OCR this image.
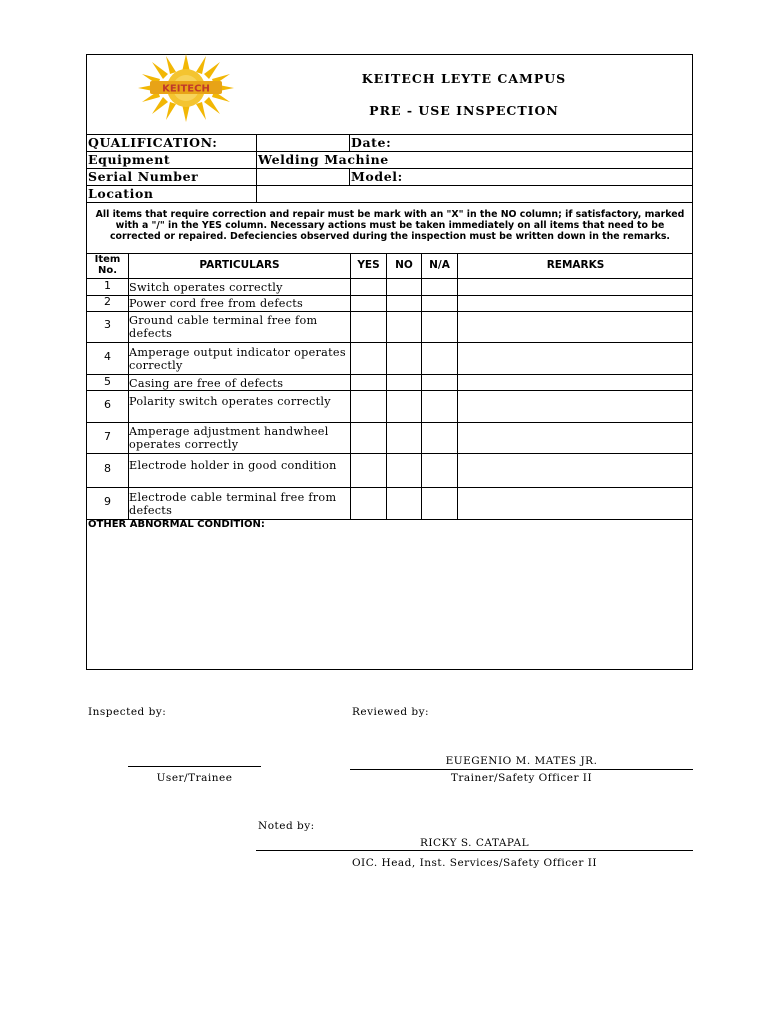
KEITECH
KEITECH LEYTE CAMPUS
PRE - USE INSPECTION
QUALIFICATION:	Date:
Equipment	Welding Machine
Serial Number	Model:
Location
All items that require correction and repair must be mark with an "X" in the NO column; if satisfactory, marked with a "/" in the YES column. Necessary actions must be taken immediately on all items that need to be corrected or repaired. Defeciencies observed during the inspection must be written down in the remarks.
Item No.	PARTICULARS	YES	NO	N/A	REMARKS
1	Switch operates correctly
2	Power cord free from defects
3	Ground cable terminal free fom defects
4	Amperage output indicator operates correctly
5	Casing are free of defects
6	Polarity switch operates correctly
7	Amperage adjustment handwheel operates correctly
8	Electrode holder in good condition
9	Electrode cable terminal free from defects
OTHER ABNORMAL CONDITION:
Inspected by:	Reviewed by:
User/Trainee
EUEGENIO M. MATES JR.
Trainer/Safety Officer II
Noted by:
RICKY S. CATAPAL
OIC. Head, Inst. Services/Safety Officer II
